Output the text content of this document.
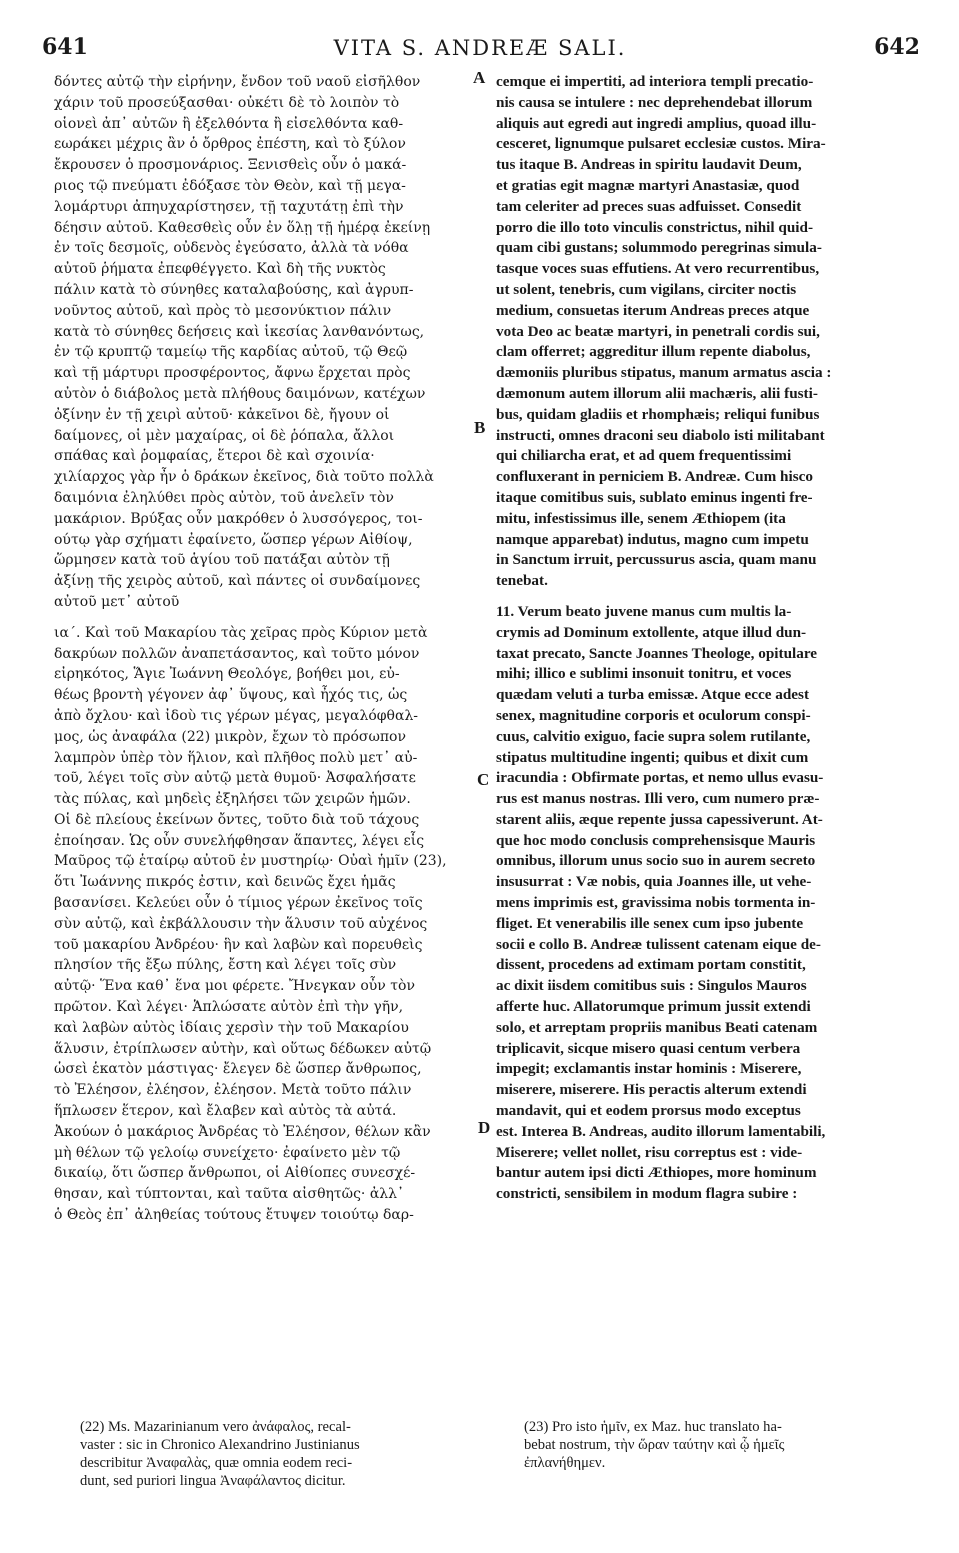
641	VITA S. ANDREÆ SALI.	642
δόντες αὐτῷ τὴν εἰρήνην, ἔνδον τοῦ ναοῦ εἰσῆλθον
χάριν τοῦ προσεύξασθαι· οὐκέτι δὲ τὸ λοιπὸν τὸ
οἱονεὶ ἀπ᾽ αὐτῶν ἢ ἐξελθόντα ἢ εἰσελθόντα καθ-
εωράκει μέχρις ἂν ὁ ὄρθρος ἐπέστη, καὶ τὸ ξύλον
ἔκρουσεν ὁ προσμονάριος. Ξενισθεὶς οὖν ὁ μακά-
ριος τῷ πνεύματι ἐδόξασε τὸν Θεὸν, καὶ τῇ μεγα-
λομάρτυρι ἀπηυχαρίστησεν, τῇ ταχυτάτῃ ἐπὶ τὴν
δέησιν αὐτοῦ. Καθεσθεὶς οὖν ἐν ὅλῃ τῇ ἡμέρᾳ ἐκείνῃ
ἐν τοῖς δεσμοῖς, οὐδενὸς ἐγεύσατο, ἀλλὰ τὰ νόθα
αὐτοῦ ῥήματα ἐπεφθέγγετο. Καὶ δὴ τῆς νυκτὸς
πάλιν κατὰ τὸ σύνηθες καταλαβούσης, καὶ ἀγρυπ-
νοῦντος αὐτοῦ, καὶ πρὸς τὸ μεσονύκτιον πάλιν
κατὰ τὸ σύνηθες δεήσεις καὶ ἱκεσίας λανθανόντως,
ἐν τῷ κρυπτῷ ταμείῳ τῆς καρδίας αὐτοῦ, τῷ Θεῷ
καὶ τῇ μάρτυρι προσφέροντος, ἄφνω ἔρχεται πρὸς
αὐτὸν ὁ διάβολος μετὰ πλήθους δαιμόνων, κατέχων
ὀξίνην ἐν τῇ χειρὶ αὐτοῦ· κἀκεῖνοι δὲ, ἤγουν οἱ
δαίμονες, οἱ μὲν μαχαίρας, οἱ δὲ ῥόπαλα, ἄλλοι
σπάθας καὶ ῥομφαίας, ἕτεροι δὲ καὶ σχοινία·
χιλίαρχος γὰρ ἦν ὁ δράκων ἐκεῖνος, διὰ τοῦτο πολλὰ
δαιμόνια ἐληλύθει πρὸς αὐτὸν, τοῦ ἀνελεῖν τὸν
μακάριον. Βρύξας οὖν μακρόθεν ὁ λυσσόγερος, τοι-
ούτῳ γὰρ σχήματι ἐφαίνετο, ὥσπερ γέρων Αἰθίοψ,
ὥρμησεν κατὰ τοῦ ἁγίου τοῦ πατάξαι αὐτὸν τῇ
ἀξίνῃ τῆς χειρὸς αὐτοῦ, καὶ πάντες οἱ συνδαίμονες
αὐτοῦ μετ᾽ αὐτοῦ
ια΄. Καὶ τοῦ Μακαρίου τὰς χεῖρας πρὸς Κύριον μετὰ
δακρύων πολλῶν ἀναπετάσαντος, καὶ τοῦτο μόνον
εἰρηκότος, Ἅγιε Ἰωάννη Θεολόγε, βοήθει μοι, εὐ-
θέως βροντὴ γέγονεν ἀφ᾽ ὕψους, καὶ ἦχός τις, ὡς
ἀπὸ ὄχλου· καὶ ἰδοὺ τις γέρων μέγας, μεγαλόφθαλ-
μος, ὡς ἀναφάλα (22) μικρὸν, ἔχων τὸ πρόσωπον
λαμπρὸν ὑπὲρ τὸν ἥλιον, καὶ πλῆθος πολὺ μετ᾽ αὐ-
τοῦ, λέγει τοῖς σὺν αὐτῷ μετὰ θυμοῦ· Ἀσφαλήσατε
τὰς πύλας, καὶ μηδεὶς ἐξηλήσει τῶν χειρῶν ἡμῶν.
Οἱ δὲ πλείους ἐκείνων ὄντες, τοῦτο διὰ τοῦ τάχους
ἐποίησαν. Ὡς οὖν συνελήφθησαν ἅπαντες, λέγει εἷς
Μαῦρος τῷ ἑταίρῳ αὐτοῦ ἐν μυστηρίῳ· Οὐαὶ ἡμῖν (23),
ὅτι Ἰωάννης πικρός ἐστιν, καὶ δεινῶς ἔχει ἡμᾶς
βασανίσει. Κελεύει οὖν ὁ τίμιος γέρων ἐκεῖνος τοῖς
σὺν αὐτῷ, καὶ ἐκβάλλουσιν τὴν ἅλυσιν τοῦ αὐχένος
τοῦ μακαρίου Ἀνδρέου· ἣν καὶ λαβὼν καὶ πορευθεὶς
πλησίον τῆς ἔξω πύλης, ἔστη καὶ λέγει τοῖς σὺν
αὐτῷ· Ἕνα καθ᾽ ἕνα μοι φέρετε. Ἤνεγκαν οὖν τὸν
πρῶτον. Καὶ λέγει· Ἁπλώσατε αὐτὸν ἐπὶ τὴν γῆν,
καὶ λαβὼν αὐτὸς ἰδίαις χερσὶν τὴν τοῦ Μακαρίου
ἅλυσιν, ἐτρίπλωσεν αὐτὴν, καὶ οὕτως δέδωκεν αὐτῷ
ὡσεὶ ἑκατὸν μάστιγας· ἔλεγεν δὲ ὥσπερ ἄνθρωπος,
τὸ Ἐλέησον, ἐλέησον, ἐλέησον. Μετὰ τοῦτο πάλιν
ἥπλωσεν ἕτερον, καὶ ἔλαβεν καὶ αὐτὸς τὰ αὐτά.
Ἀκούων ὁ μακάριος Ἀνδρέας τὸ Ἐλέησον, θέλων κἂν
μὴ θέλων τῷ γελοίῳ συνείχετο· ἐφαίνετο μὲν τῷ
δικαίῳ, ὅτι ὥσπερ ἄνθρωποι, οἱ Αἰθίοπες συνεσχέ-
θησαν, καὶ τύπτονται, καὶ ταῦτα αἰσθητῶς· ἀλλ᾽
ὁ Θεὸς ἐπ᾽ ἀληθείας τούτους ἔτυψεν τοιούτῳ δαρ-
cemque ei impertiti, ad interiora templi precatio-
nis causa se intulere : nec deprehendebat illorum
aliquis aut egredi aut ingredi amplius, quoad illu-
cesceret, lignumque pulsaret ecclesiæ custos. Mira-
tus itaque B. Andreas in spiritu laudavit Deum,
et gratias egit magnæ martyri Anastasiæ, quod
tam celeriter ad preces suas adfuisset. Consedit
porro die illo toto vinculis constrictus, nihil quid-
quam cibi gustans; solummodo peregrinas simula-
tasque voces suas effutiens. At vero recurrentibus,
ut solent, tenebris, cum vigilans, circiter noctis
medium, consuetas iterum Andreas preces atque
vota Deo ac beatæ martyri, in penetrali cordis sui,
clam offerret; aggreditur illum repente diabolus,
dæmoniis pluribus stipatus, manum armatus ascia :
dæmonum autem illorum alii machæris, alii fusti-
bus, quidam gladiis et rhomphæis; reliqui funibus
instructi, omnes draconi seu diabolo isti militabant
qui chiliarcha erat, et ad quem frequentissimi
confluxerant in perniciem B. Andreæ. Cum hisco
itaque comitibus suis, sublato eminus ingenti fre-
mitu, infestissimus ille, senem Æthiopem (ita
namque apparebat) indutus, magno cum impetu
in Sanctum irruit, percussurus ascia, quam manu
tenebat.
11. Verum beato juvene manus cum multis la-
crymis ad Dominum extollente, atque illud dun-
taxat precato, Sancte Joannes Theologe, opitulare
mihi; illico e sublimi insonuit tonitru, et voces
quædam veluti a turba emissæ. Atque ecce adest
senex, magnitudine corporis et oculorum conspi-
cuus, calvitio exiguo, facie supra solem rutilante,
stipatus multitudine ingenti; quibus et dixit cum
iracundia : Obfirmate portas, et nemo ullus evasu-
rus est manus nostras. Illi vero, cum numero præ-
starent aliis, æque repente jussa capessiverunt. At-
que hoc modo conclusis comprehensisque Mauris
omnibus, illorum unus socio suo in aurem secreto
insusurrat : Væ nobis, quia Joannes ille, ut vehe-
mens imprimis est, gravissima nobis tormenta in-
fliget. Et venerabilis ille senex cum ipso jubente
socii e collo B. Andreæ tulissent catenam eique de-
dissent, procedens ad extimam portam constitit,
ac dixit iisdem comitibus suis : Singulos Mauros
afferte huc. Allatorumque primum jussit extendi
solo, et arreptam propriis manibus Beati catenam
triplicavit, sicque misero quasi centum verbera
impegit; exclamantis instar hominis : Miserere,
miserere, miserere. His peractis alterum extendi
mandavit, qui et eodem prorsus modo exceptus
est. Interea B. Andreas, audito illorum lamentabili,
Miserere; vellet nollet, risu correptus est : vide-
bantur autem ipsi dicti Æthiopes, more hominum
constricti, sensibilem in modum flagra subire :
A
B
C
D
(22) Ms. Mazarinianum vero ἀνάφαλος, recal-
vaster : sic in Chronico Alexandrino Justinianus
describitur Ἀναφαλὰς, quæ omnia eodem reci-
dunt, sed puriori lingua Ἀναφάλαντος dicitur.
(23) Pro isto ἡμῖν, ex Maz. huc translato ha-
bebat nostrum, τὴν ὥραν ταύτην καὶ ᾧ ἡμεῖς
ἐπλανήθημεν.
